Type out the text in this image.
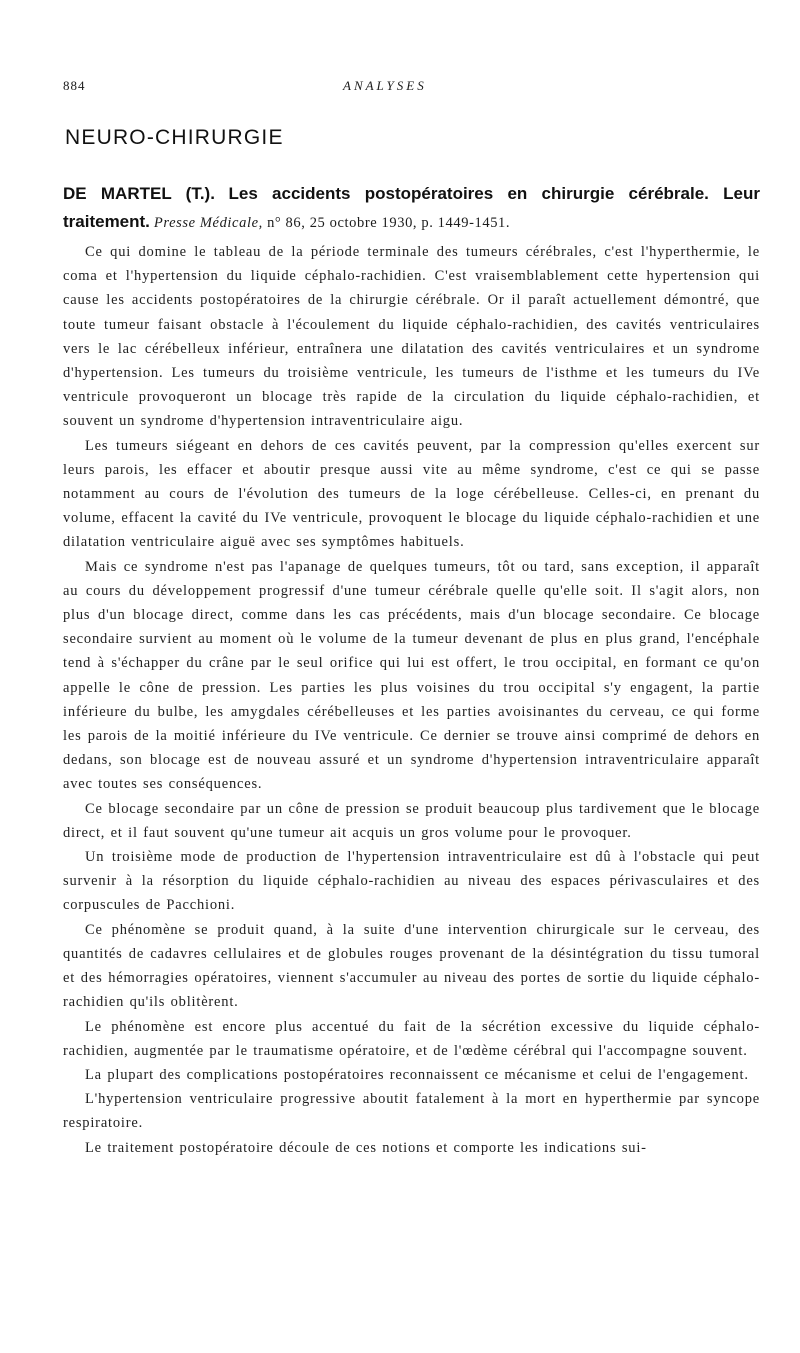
884	ANALYSES
NEURO-CHIRURGIE
DE MARTEL (T.). Les accidents postopératoires en chirurgie cérébrale. Leur traitement. Presse Médicale, n° 86, 25 octobre 1930, p. 1449-1451.

Ce qui domine le tableau de la période terminale des tumeurs cérébrales, c'est l'hyperthermie, le coma et l'hypertension du liquide céphalo-rachidien. C'est vraisemblablement cette hypertension qui cause les accidents postopératoires de la chirurgie cérébrale. Or il paraît actuellement démontré, que toute tumeur faisant obstacle à l'écoulement du liquide céphalo-rachidien, des cavités ventriculaires vers le lac cérébelleux inférieur, entraînera une dilatation des cavités ventriculaires et un syndrome d'hypertension. Les tumeurs du troisième ventricule, les tumeurs de l'isthme et les tumeurs du IVe ventricule provoqueront un blocage très rapide de la circulation du liquide céphalo-rachidien, et souvent un syndrome d'hypertension intraventriculaire aigu.

Les tumeurs siégeant en dehors de ces cavités peuvent, par la compression qu'elles exercent sur leurs parois, les effacer et aboutir presque aussi vite au même syndrome, c'est ce qui se passe notamment au cours de l'évolution des tumeurs de la loge cérébelleuse. Celles-ci, en prenant du volume, effacent la cavité du IVe ventricule, provoquent le blocage du liquide céphalo-rachidien et une dilatation ventriculaire aiguë avec ses symptômes habituels.

Mais ce syndrome n'est pas l'apanage de quelques tumeurs, tôt ou tard, sans exception, il apparaît au cours du développement progressif d'une tumeur cérébrale quelle qu'elle soit. Il s'agit alors, non plus d'un blocage direct, comme dans les cas précédents, mais d'un blocage secondaire. Ce blocage secondaire survient au moment où le volume de la tumeur devenant de plus en plus grand, l'encéphale tend à s'échapper du crâne par le seul orifice qui lui est offert, le trou occipital, en formant ce qu'on appelle le cône de pression. Les parties les plus voisines du trou occipital s'y engagent, la partie inférieure du bulbe, les amygdales cérébelleuses et les parties avoisinantes du cerveau, ce qui forme les parois de la moitié inférieure du IVe ventricule. Ce dernier se trouve ainsi comprimé de dehors en dedans, son blocage est de nouveau assuré et un syndrome d'hypertension intraventriculaire apparaît avec toutes ses conséquences.

Ce blocage secondaire par un cône de pression se produit beaucoup plus tardivement que le blocage direct, et il faut souvent qu'une tumeur ait acquis un gros volume pour le provoquer.

Un troisième mode de production de l'hypertension intraventriculaire est dû à l'obstacle qui peut survenir à la résorption du liquide céphalo-rachidien au niveau des espaces périvasculaires et des corpuscules de Pacchioni.

Ce phénomène se produit quand, à la suite d'une intervention chirurgicale sur le cerveau, des quantités de cadavres cellulaires et de globules rouges provenant de la désintégration du tissu tumoral et des hémorragies opératoires, viennent s'accumuler au niveau des portes de sortie du liquide céphalo-rachidien qu'ils oblitèrent.

Le phénomène est encore plus accentué du fait de la sécrétion excessive du liquide céphalo-rachidien, augmentée par le traumatisme opératoire, et de l'œdème cérébral qui l'accompagne souvent.

La plupart des complications postopératoires reconnaissent ce mécanisme et celui de l'engagement.

L'hypertension ventriculaire progressive aboutit fatalement à la mort en hyperthermie par syncope respiratoire.

Le traitement postopératoire découle de ces notions et comporte les indications sui-
